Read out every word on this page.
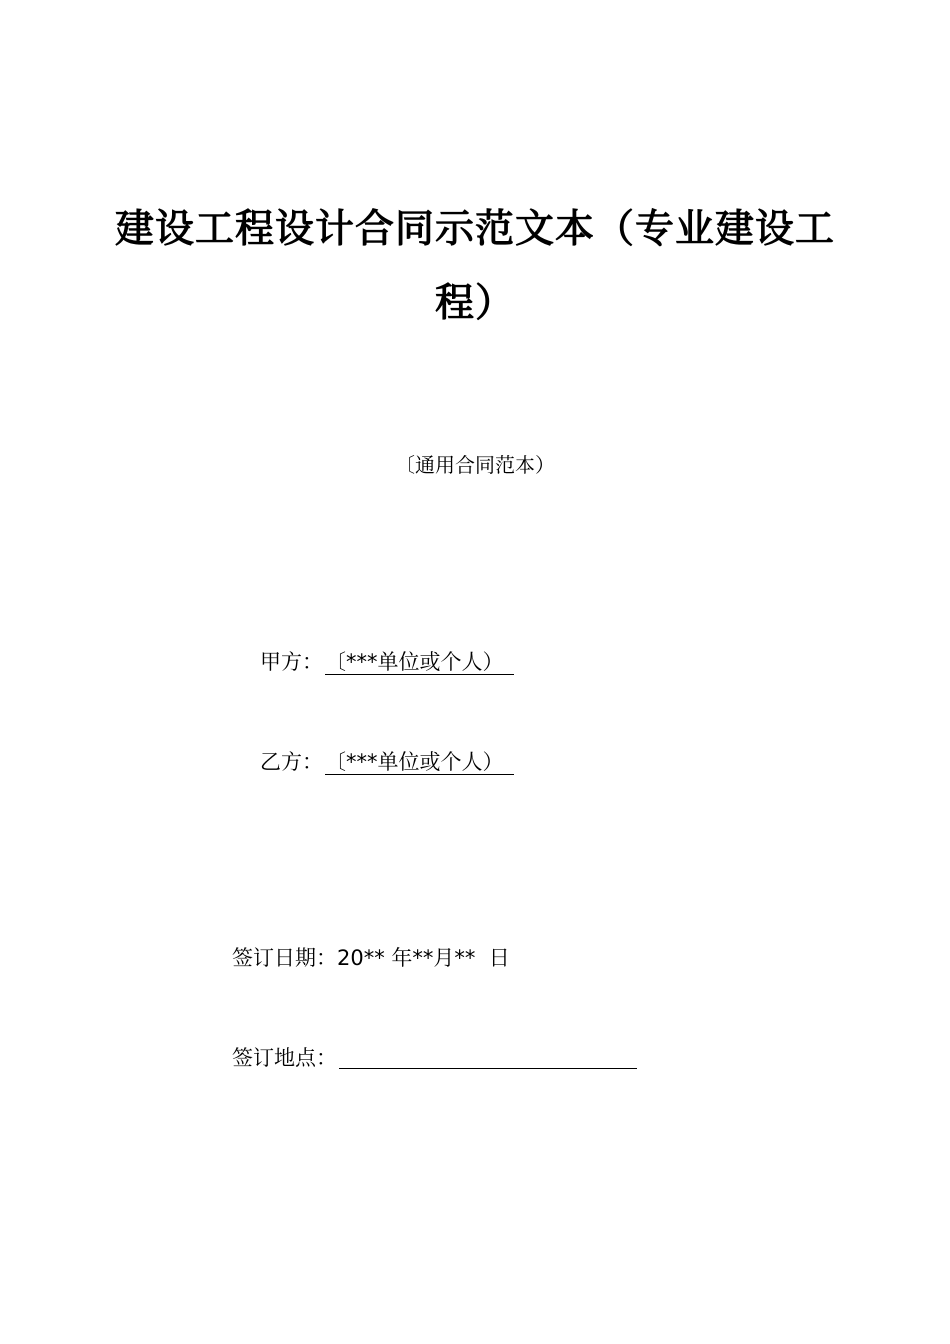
建设工程设计合同示范文本（专业建设工
程）
〔通用合同范本）
甲方：〔***单位或个人）
乙方：〔***单位或个人）
签订日期：20** 年**月**  日
签订地点：
